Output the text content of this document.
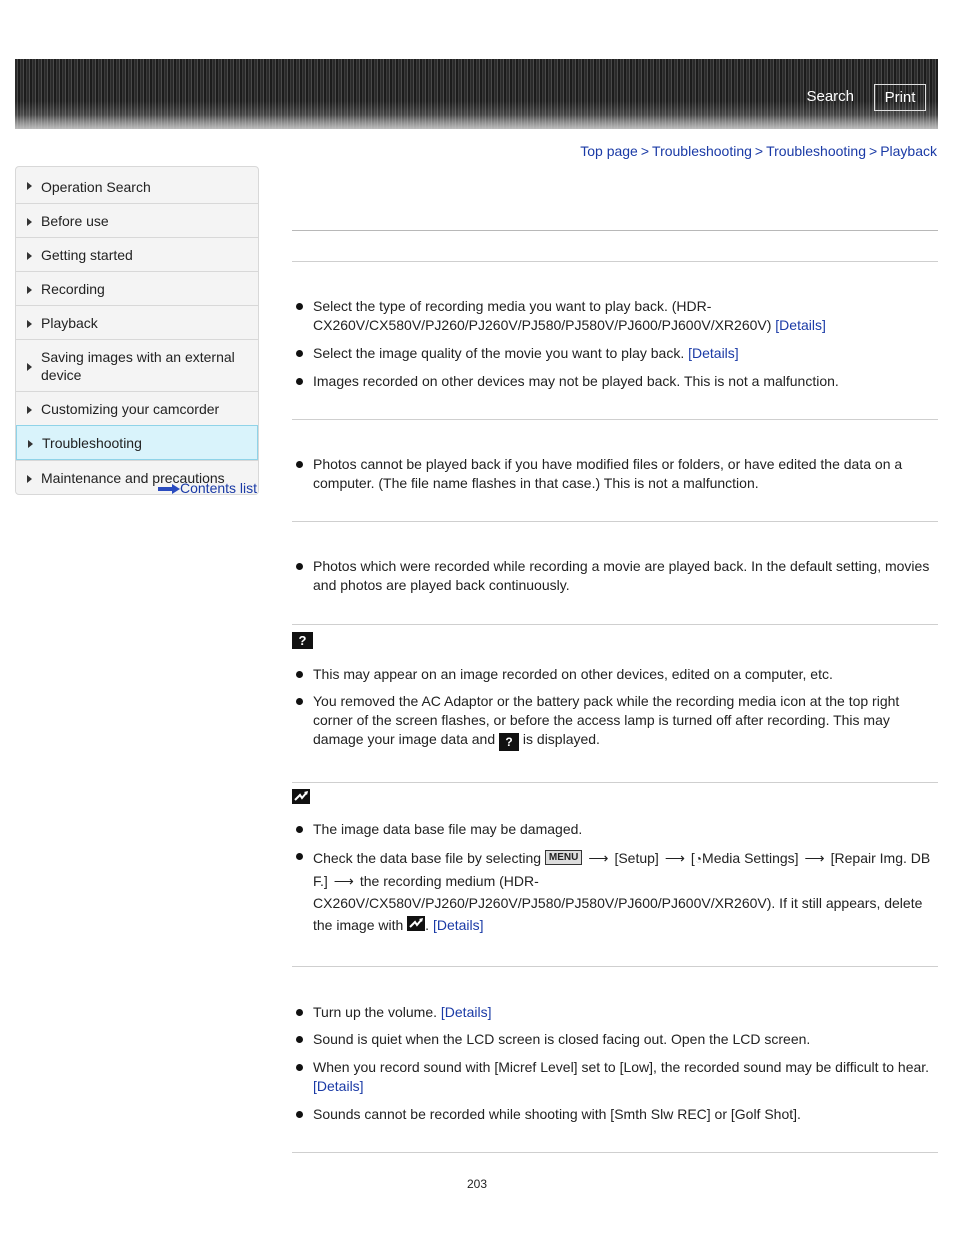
Search	Print
Top page > Troubleshooting > Troubleshooting > Playback
Operation Search
Before use
Getting started
Recording
Playback
Saving images with an external device
Customizing your camcorder
Troubleshooting
Maintenance and precautions
Contents list
Select the type of recording media you want to play back. (HDR-CX260V/CX580V/PJ260/PJ260V/PJ580/PJ580V/PJ600/PJ600V/XR260V) [Details]
Select the image quality of the movie you want to play back. [Details]
Images recorded on other devices may not be played back. This is not a malfunction.
Photos cannot be played back if you have modified files or folders, or have edited the data on a computer. (The file name flashes in that case.) This is not a malfunction.
Photos which were recorded while recording a movie are played back. In the default setting, movies and photos are played back continuously.
?
This may appear on an image recorded on other devices, edited on a computer, etc.
You removed the AC Adaptor or the battery pack while the recording media icon at the top right corner of the screen flashes, or before the access lamp is turned off after recording. This may damage your image data and ? is displayed.
The image data base file may be damaged.
Check the data base file by selecting MENU ⟶ [Setup] ⟶ [◔Media Settings] ⟶ [Repair Img. DB F.] ⟶ the recording medium (HDR-CX260V/CX580V/PJ260/PJ260V/PJ580/PJ580V/PJ600/PJ600V/XR260V). If it still appears, delete the image with . [Details]
Turn up the volume. [Details]
Sound is quiet when the LCD screen is closed facing out. Open the LCD screen.
When you record sound with [Micref Level] set to [Low], the recorded sound may be difficult to hear. [Details]
Sounds cannot be recorded while shooting with [Smth Slw REC] or [Golf Shot].
203
